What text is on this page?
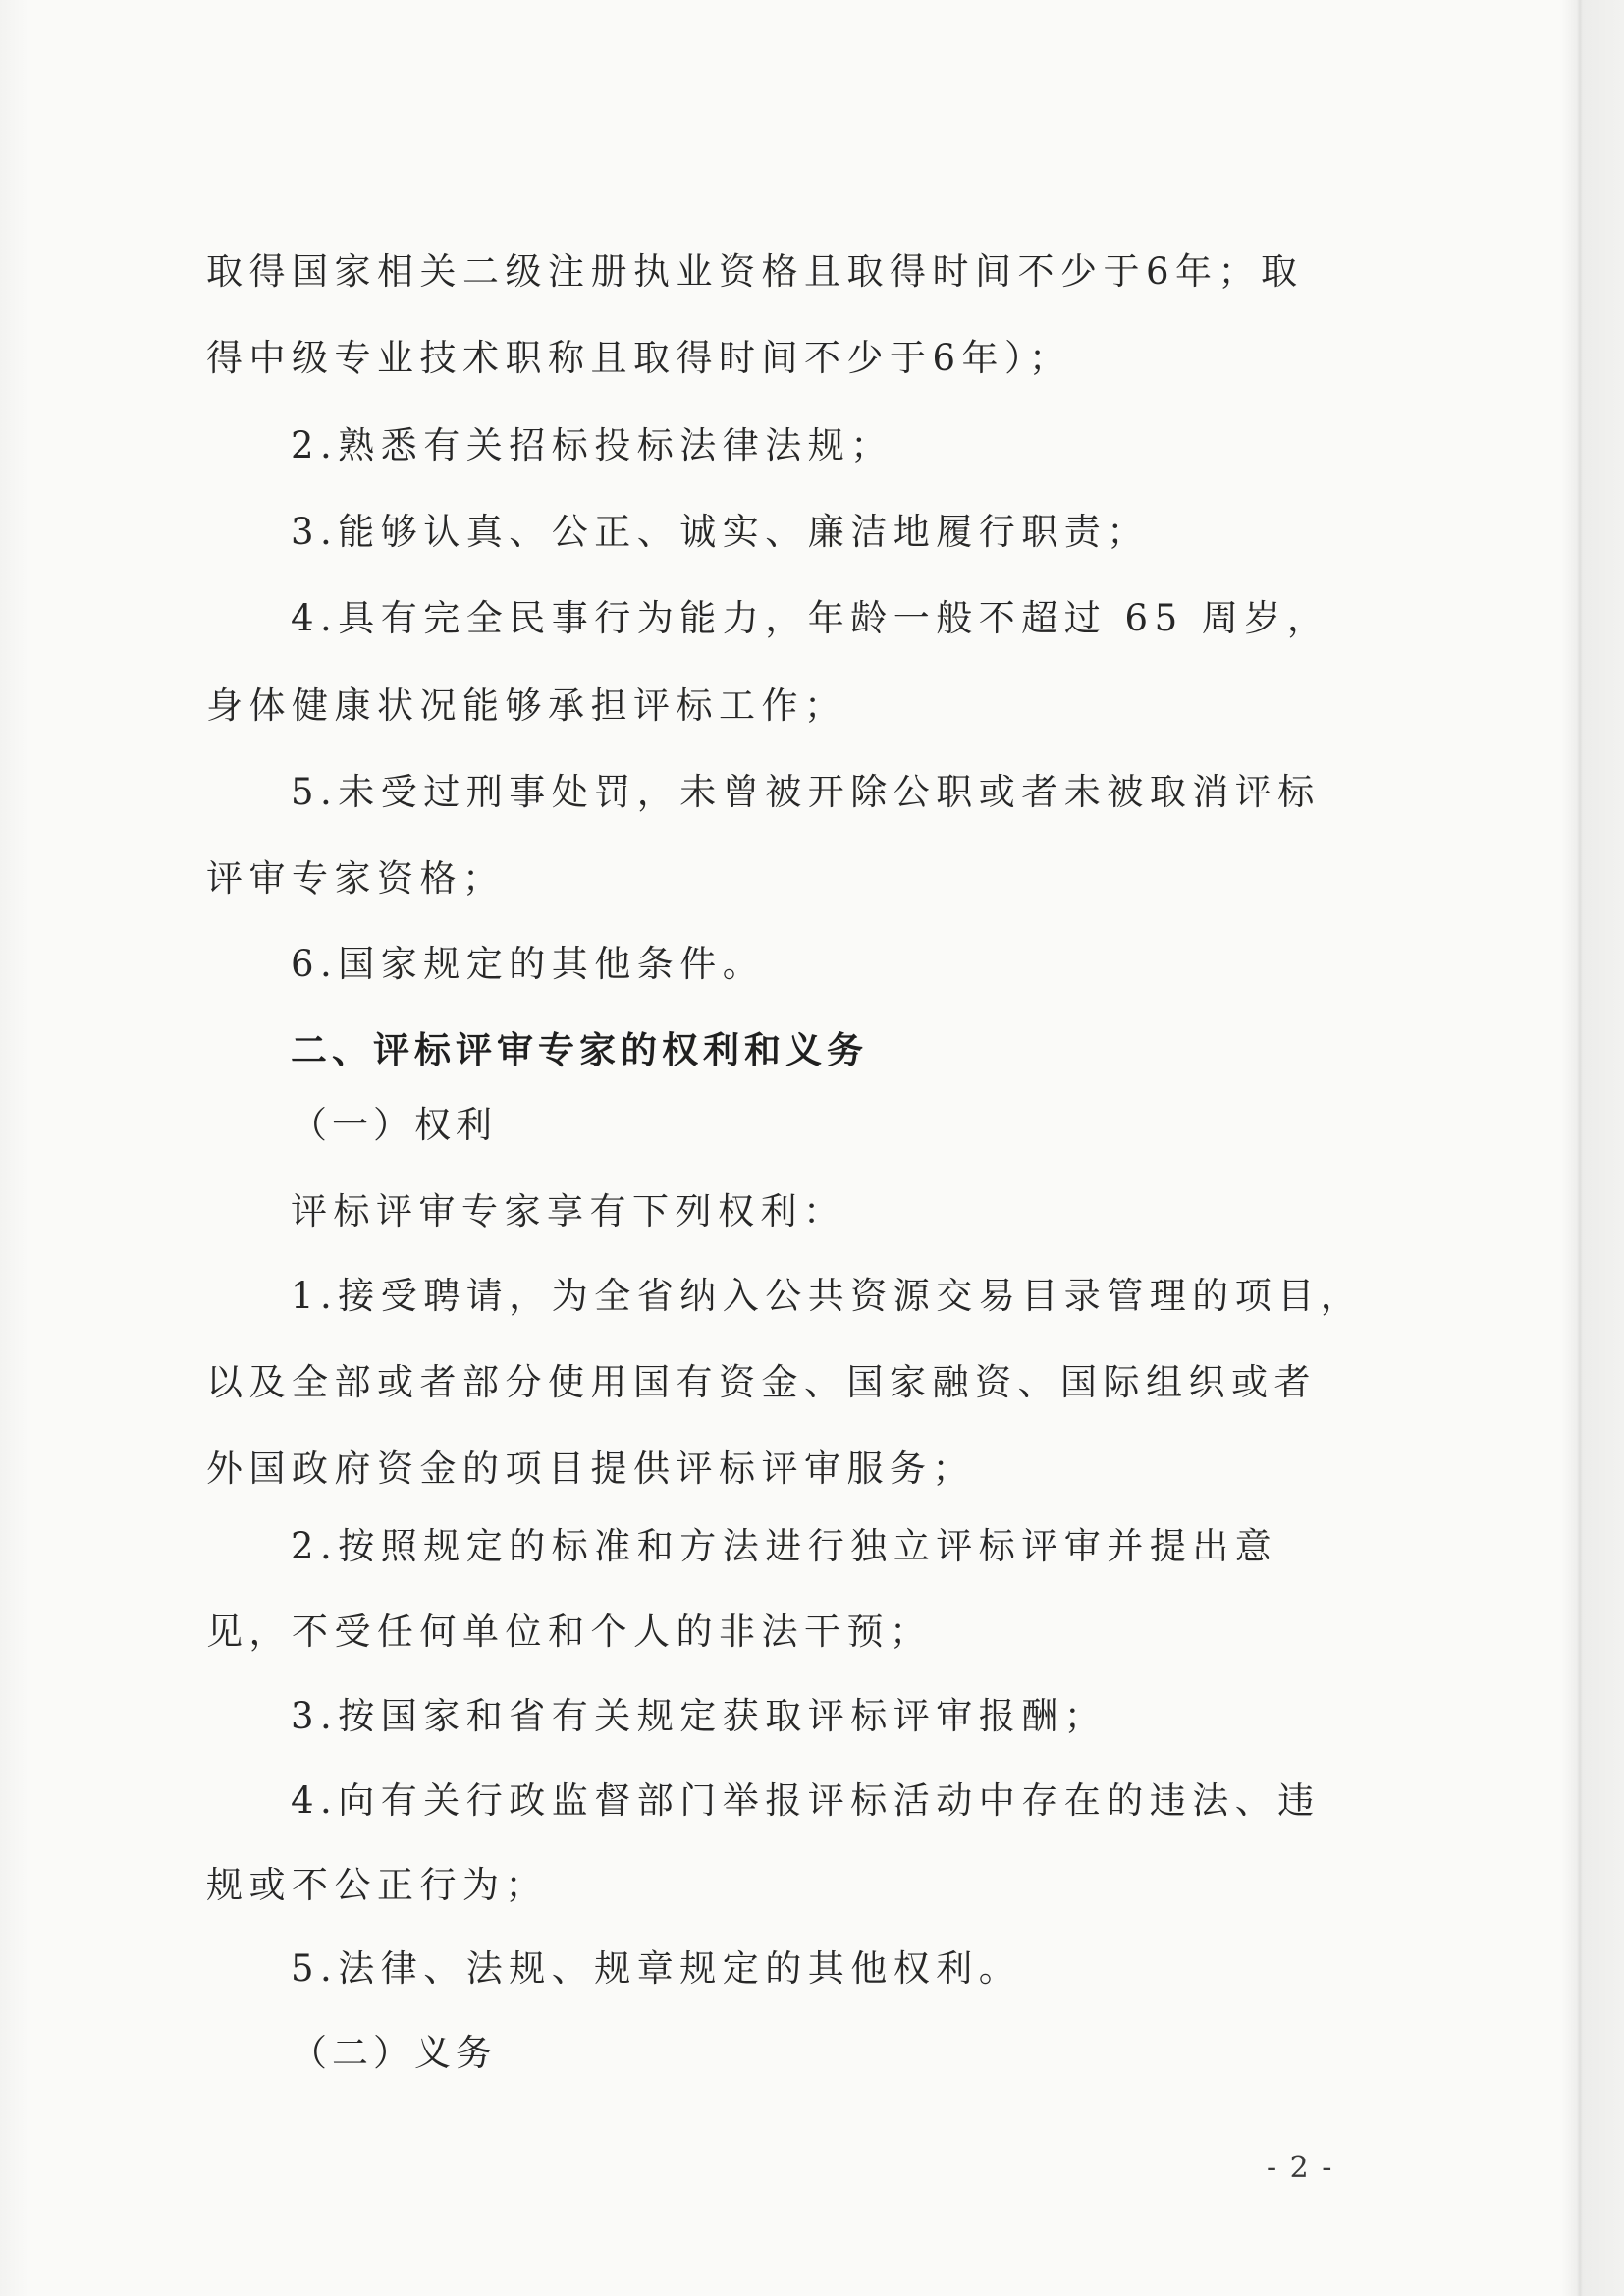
取得国家相关二级注册执业资格且取得时间不少于6年；取
得中级专业技术职称且取得时间不少于6年）；
2.熟悉有关招标投标法律法规；
3.能够认真、公正、诚实、廉洁地履行职责；
4.具有完全民事行为能力，年龄一般不超过 65 周岁，
身体健康状况能够承担评标工作；
5.未受过刑事处罚，未曾被开除公职或者未被取消评标
评审专家资格；
6.国家规定的其他条件。
二、评标评审专家的权利和义务
（一）权利
评标评审专家享有下列权利：
1.接受聘请，为全省纳入公共资源交易目录管理的项目，
以及全部或者部分使用国有资金、国家融资、国际组织或者
外国政府资金的项目提供评标评审服务；
2.按照规定的标准和方法进行独立评标评审并提出意
见，不受任何单位和个人的非法干预；
3.按国家和省有关规定获取评标评审报酬；
4.向有关行政监督部门举报评标活动中存在的违法、违
规或不公正行为；
5.法律、法规、规章规定的其他权利。
（二）义务
- 2 -
